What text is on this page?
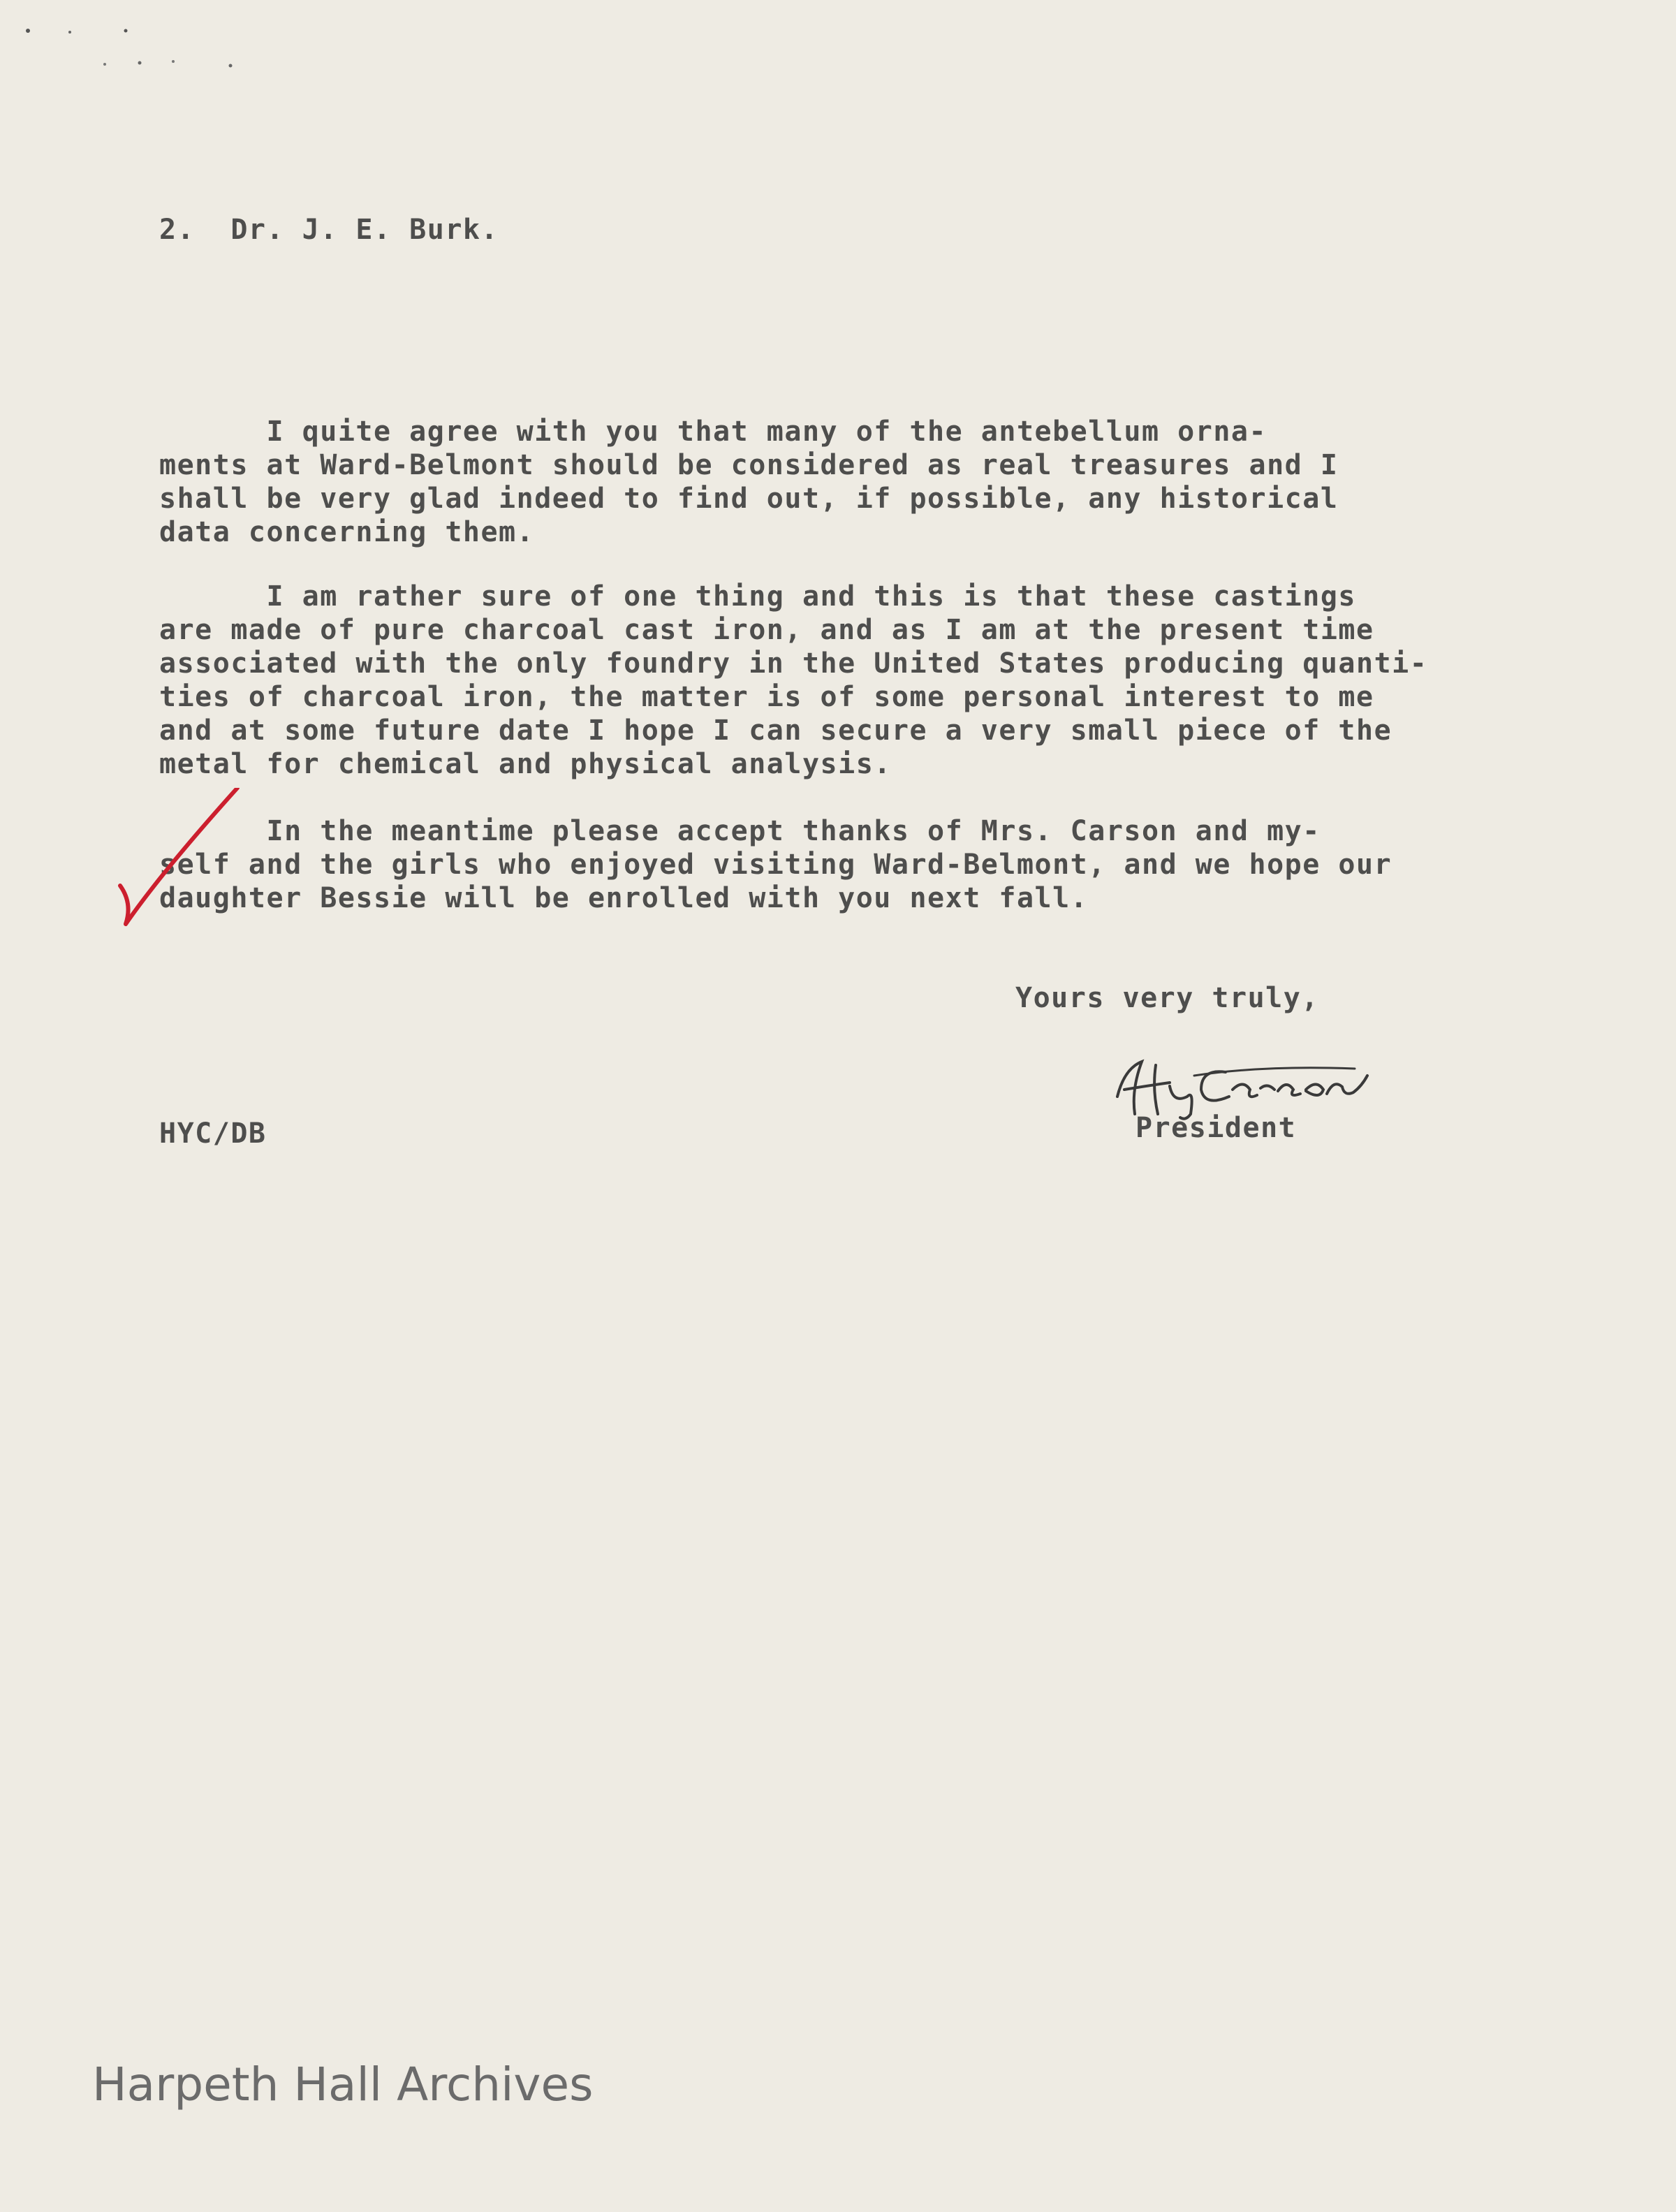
2.  Dr. J. E. Burk.
I quite agree with you that many of the antebellum orna-
ments at Ward-Belmont should be considered as real treasures and I
shall be very glad indeed to find out, if possible, any historical
data concerning them.
I am rather sure of one thing and this is that these castings
are made of pure charcoal cast iron, and as I am at the present time
associated with the only foundry in the United States producing quanti-
ties of charcoal iron, the matter is of some personal interest to me
and at some future date I hope I can secure a very small piece of the
metal for chemical and physical analysis.
In the meantime please accept thanks of Mrs. Carson and my-
self and the girls who enjoyed visiting Ward-Belmont, and we hope our
daughter Bessie will be enrolled with you next fall.
Yours very truly,
President
HYC/DB
Harpeth Hall Archives
